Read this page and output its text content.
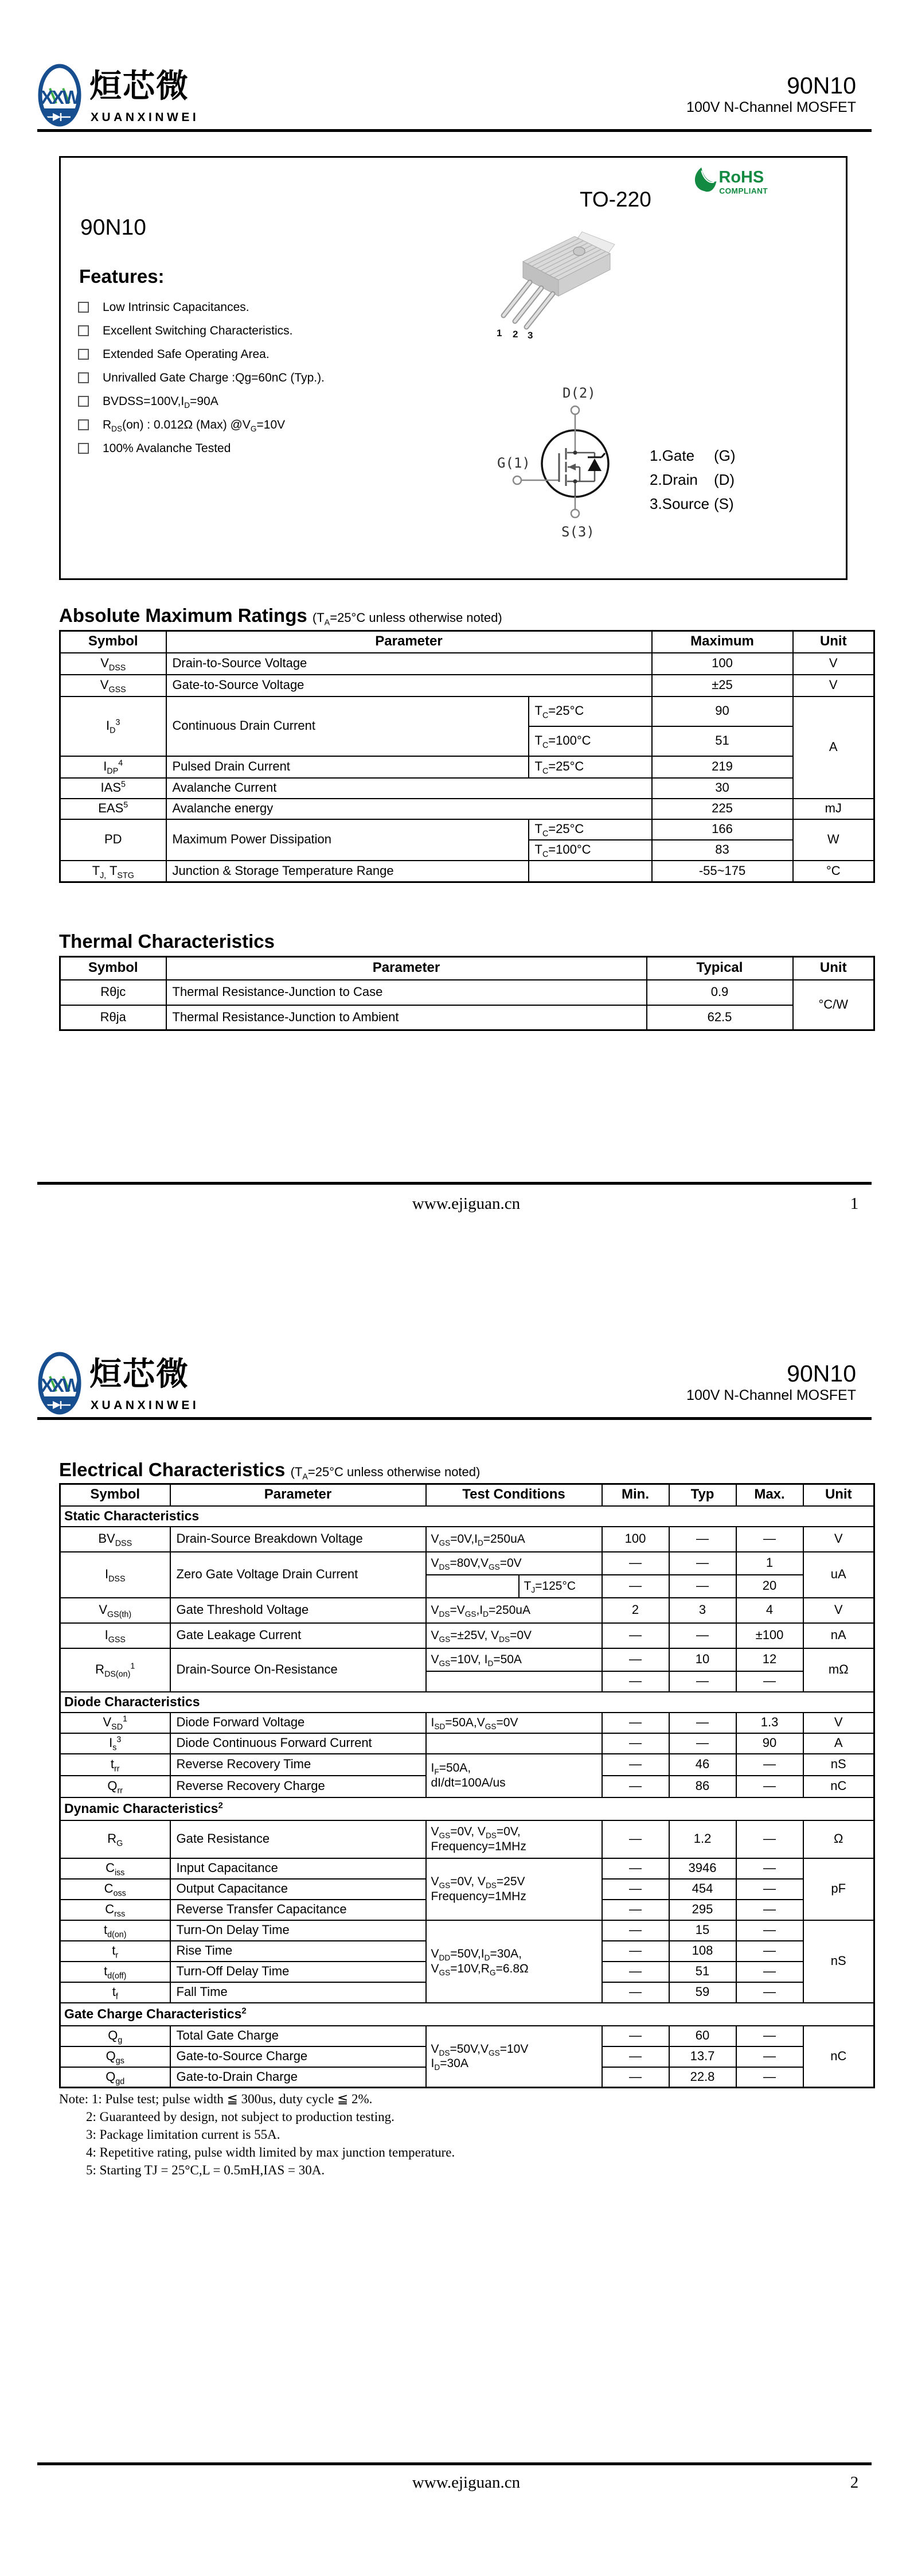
XXW 烜芯微
XUANXINWEI
90N10
100V N-Channel MOSFET
90N10
Features:
Low Intrinsic Capacitances.
Excellent Switching Characteristics.
Extended Safe Operating Area.
Unrivalled Gate Charge :Qg=60nC (Typ.).
$BVDSS=100V,I_D=90A$
$R_{DS}(on)$ : 0.012Ω (Max) $@V_G=10V$
100% Avalanche Tested
TO-220
RoHS
COMPLIANT
1 2 3
D(2)
G(1)
S(3)
1.Gate	(G)
2.Drain	(D)
3.Source (S)
Absolute Maximum Ratings ($T_A=25^\circ C$ unless otherwise noted)
Symbol	Parameter		Maximum	Unit
$V_{DSS}$	Drain-to-Source Voltage		100	V
$V_{GSS}$	Gate-to-Source Voltage		±25	V
$I_D^3$	Continuous Drain Current	$T_C=25^\circ C$	90	A
		$T_C=100^\circ C$	51	
$I_{DP}^4$	Pulsed Drain Current	$T_C=25^\circ C$	219	
IAS$^5$	Avalanche Current		30	
EAS$^5$	Avalanche energy		225	mJ
PD	Maximum Power Dissipation	$T_C=25^\circ C$	166	W
		$T_C=100^\circ C$	83	
$T_{J,}$ $T_{STG}$	Junction & Storage Temperature Range		-55~175	°C
Thermal Characteristics
Symbol	Parameter	Typical	Unit
Rθjc	Thermal Resistance-Junction to Case	0.9	°C/W
Rθja	Thermal Resistance-Junction to Ambient	62.5	
www.ejiguan.cn	1
XXW 烜芯微
XUANXINWEI
90N10
100V N-Channel MOSFET
Electrical Characteristics ($T_A=25^\circ C$ unless otherwise noted)
Symbol	Parameter	Test Conditions		Min.	Typ	Max.	Unit
Static Characteristics							
$BV_{DSS}$	Drain-Source Breakdown Voltage	$V_{GS}=0V,I_D=250uA$		100	—	—	V
$I_{DSS}$	Zero Gate Voltage Drain Current	$V_{DS}=80V,V_{GS}=0V$		—	—	1	uA
			$T_J=125^\circ C$	—	—	20	
$V_{GS(th)}$	Gate Threshold Voltage	$V_{DS}=V_{GS},I_D=250uA$		2	3	4	V
$I_{GSS}$	Gate Leakage Current	$V_{GS}=\pm 25V$, $V_{DS}=0V$		—	—	±100	nA
$R_{DS(on)}^1$	Drain-Source On-Resistance	$V_{GS}=10V$, $I_D=50A$		—	10	12	mΩ
				—	—	—	
Diode Characteristics							
$V_{SD}^1$	Diode Forward Voltage	$I_{SD}=50A,V_{GS}=0V$		—	—	1.3	V
$I_s^3$	Diode Continuous Forward Current			—	—	90	A
$t_{rr}$	Reverse Recovery Time	$I_F=50A$,
dI/dt=100A/us		—	46	—	nS
$Q_{rr}$	Reverse Recovery Charge			—	86	—	nC
Dynamic Characteristics$^2$
$R_G$	Gate Resistance	$V_{GS}=0V$, $V_{DS}=0V$,
Frequency=1MHz		—	1.2	—	Ω
$C_{iss}$	Input Capacitance	$V_{GS}=0V$, $V_{DS}=25V$
Frequency=1MHz		—	3946	—	pF
$C_{oss}$	Output Capacitance			—	454	—	
$C_{rss}$	Reverse Transfer Capacitance			—	295	—	
$t_{d(on)}$	Turn-On Delay Time	$V_{DD}=50V,I_D=30A$,
$V_{GS}=10V,R_G=6.8\Omega$		—	15	—	nS
$t_r$	Rise Time			—	108	—	
$t_{d(off)}$	Turn-Off Delay Time			—	51	—	
$t_f$	Fall Time			—	59	—	
Gate Charge Characteristics$^2$
$Q_g$	Total Gate Charge	$V_{DS}=50V,V_{GS}=10V$
$I_D=30A$		—	60	—	nC
$Q_{gs}$	Gate-to-Source Charge			—	13.7	—	
$Q_{gd}$	Gate-to-Drain Charge			—	22.8	—	
Note: 1: Pulse test; pulse width ≦ 300us, duty cycle ≦ 2%.
2: Guaranteed by design, not subject to production testing.
3: Package limitation current is 55A.
4: Repetitive rating, pulse width limited by max junction temperature.
5: Starting TJ = 25°C,L = 0.5mH,IAS = 30A.
www.ejiguan.cn	2
